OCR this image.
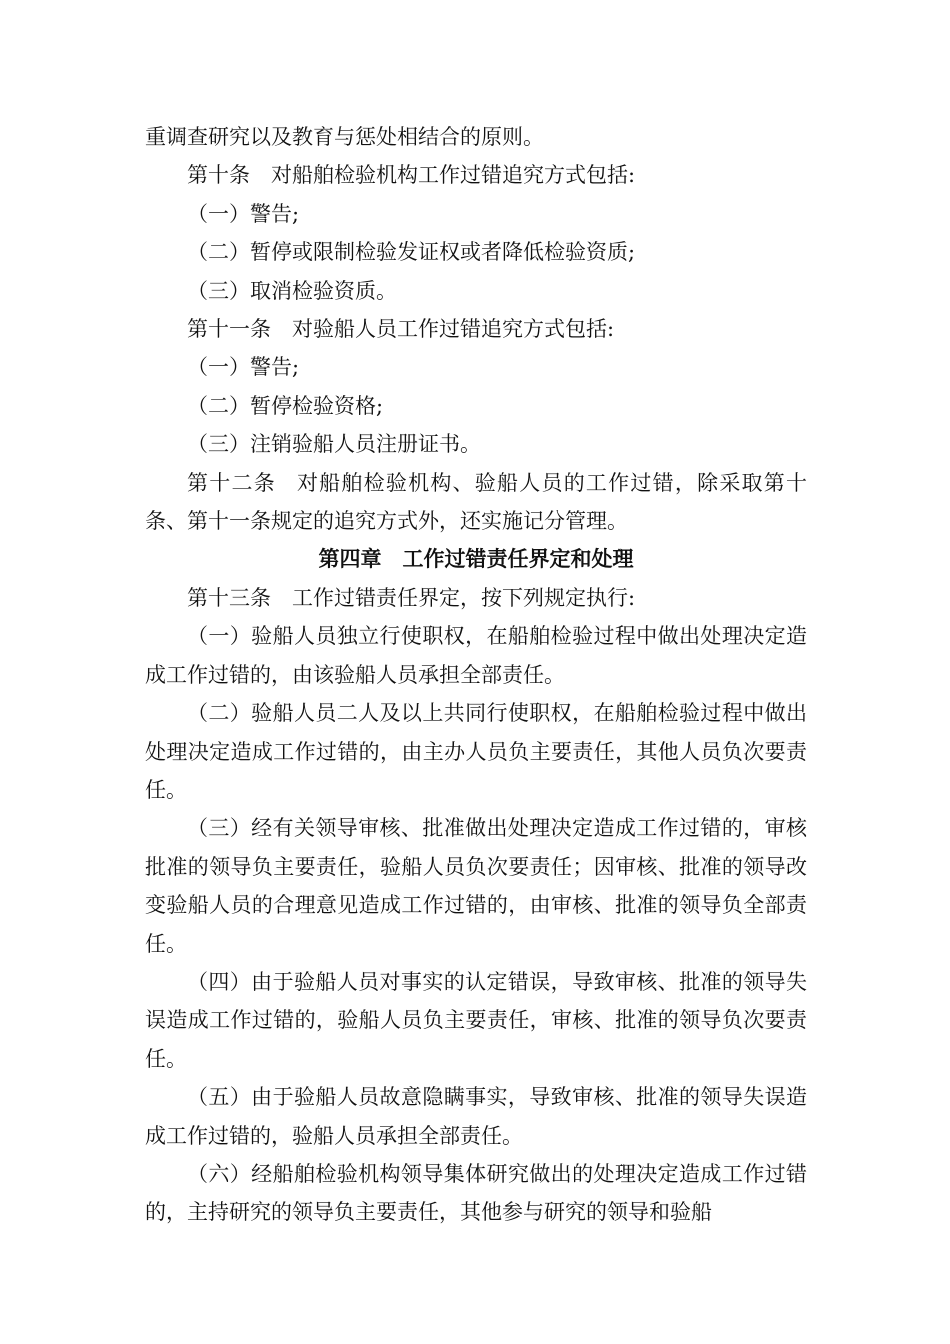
重调查研究以及教育与惩处相结合的原则。

第十条 对船舶检验机构工作过错追究方式包括:

（一）警告;

（二）暂停或限制检验发证权或者降低检验资质;

（三）取消检验资质。

第十一条 对验船人员工作过错追究方式包括:

（一）警告;

（二）暂停检验资格;

（三）注销验船人员注册证书。

第十二条 对船舶检验机构、验船人员的工作过错，除采取第十条、第十一条规定的追究方式外，还实施记分管理。

第四章　工作过错责任界定和处理

第十三条 工作过错责任界定，按下列规定执行:

（一）验船人员独立行使职权，在船舶检验过程中做出处理决定造成工作过错的，由该验船人员承担全部责任。

（二）验船人员二人及以上共同行使职权，在船舶检验过程中做出处理决定造成工作过错的，由主办人员负主要责任，其他人员负次要责任。

（三）经有关领导审核、批准做出处理决定造成工作过错的，审核批准的领导负主要责任，验船人员负次要责任；因审核、批准的领导改变验船人员的合理意见造成工作过错的，由审核、批准的领导负全部责任。

（四）由于验船人员对事实的认定错误，导致审核、批准的领导失误造成工作过错的，验船人员负主要责任，审核、批准的领导负次要责任。

（五）由于验船人员故意隐瞒事实，导致审核、批准的领导失误造成工作过错的，验船人员承担全部责任。

（六）经船舶检验机构领导集体研究做出的处理决定造成工作过错的，主持研究的领导负主要责任，其他参与研究的领导和验船
